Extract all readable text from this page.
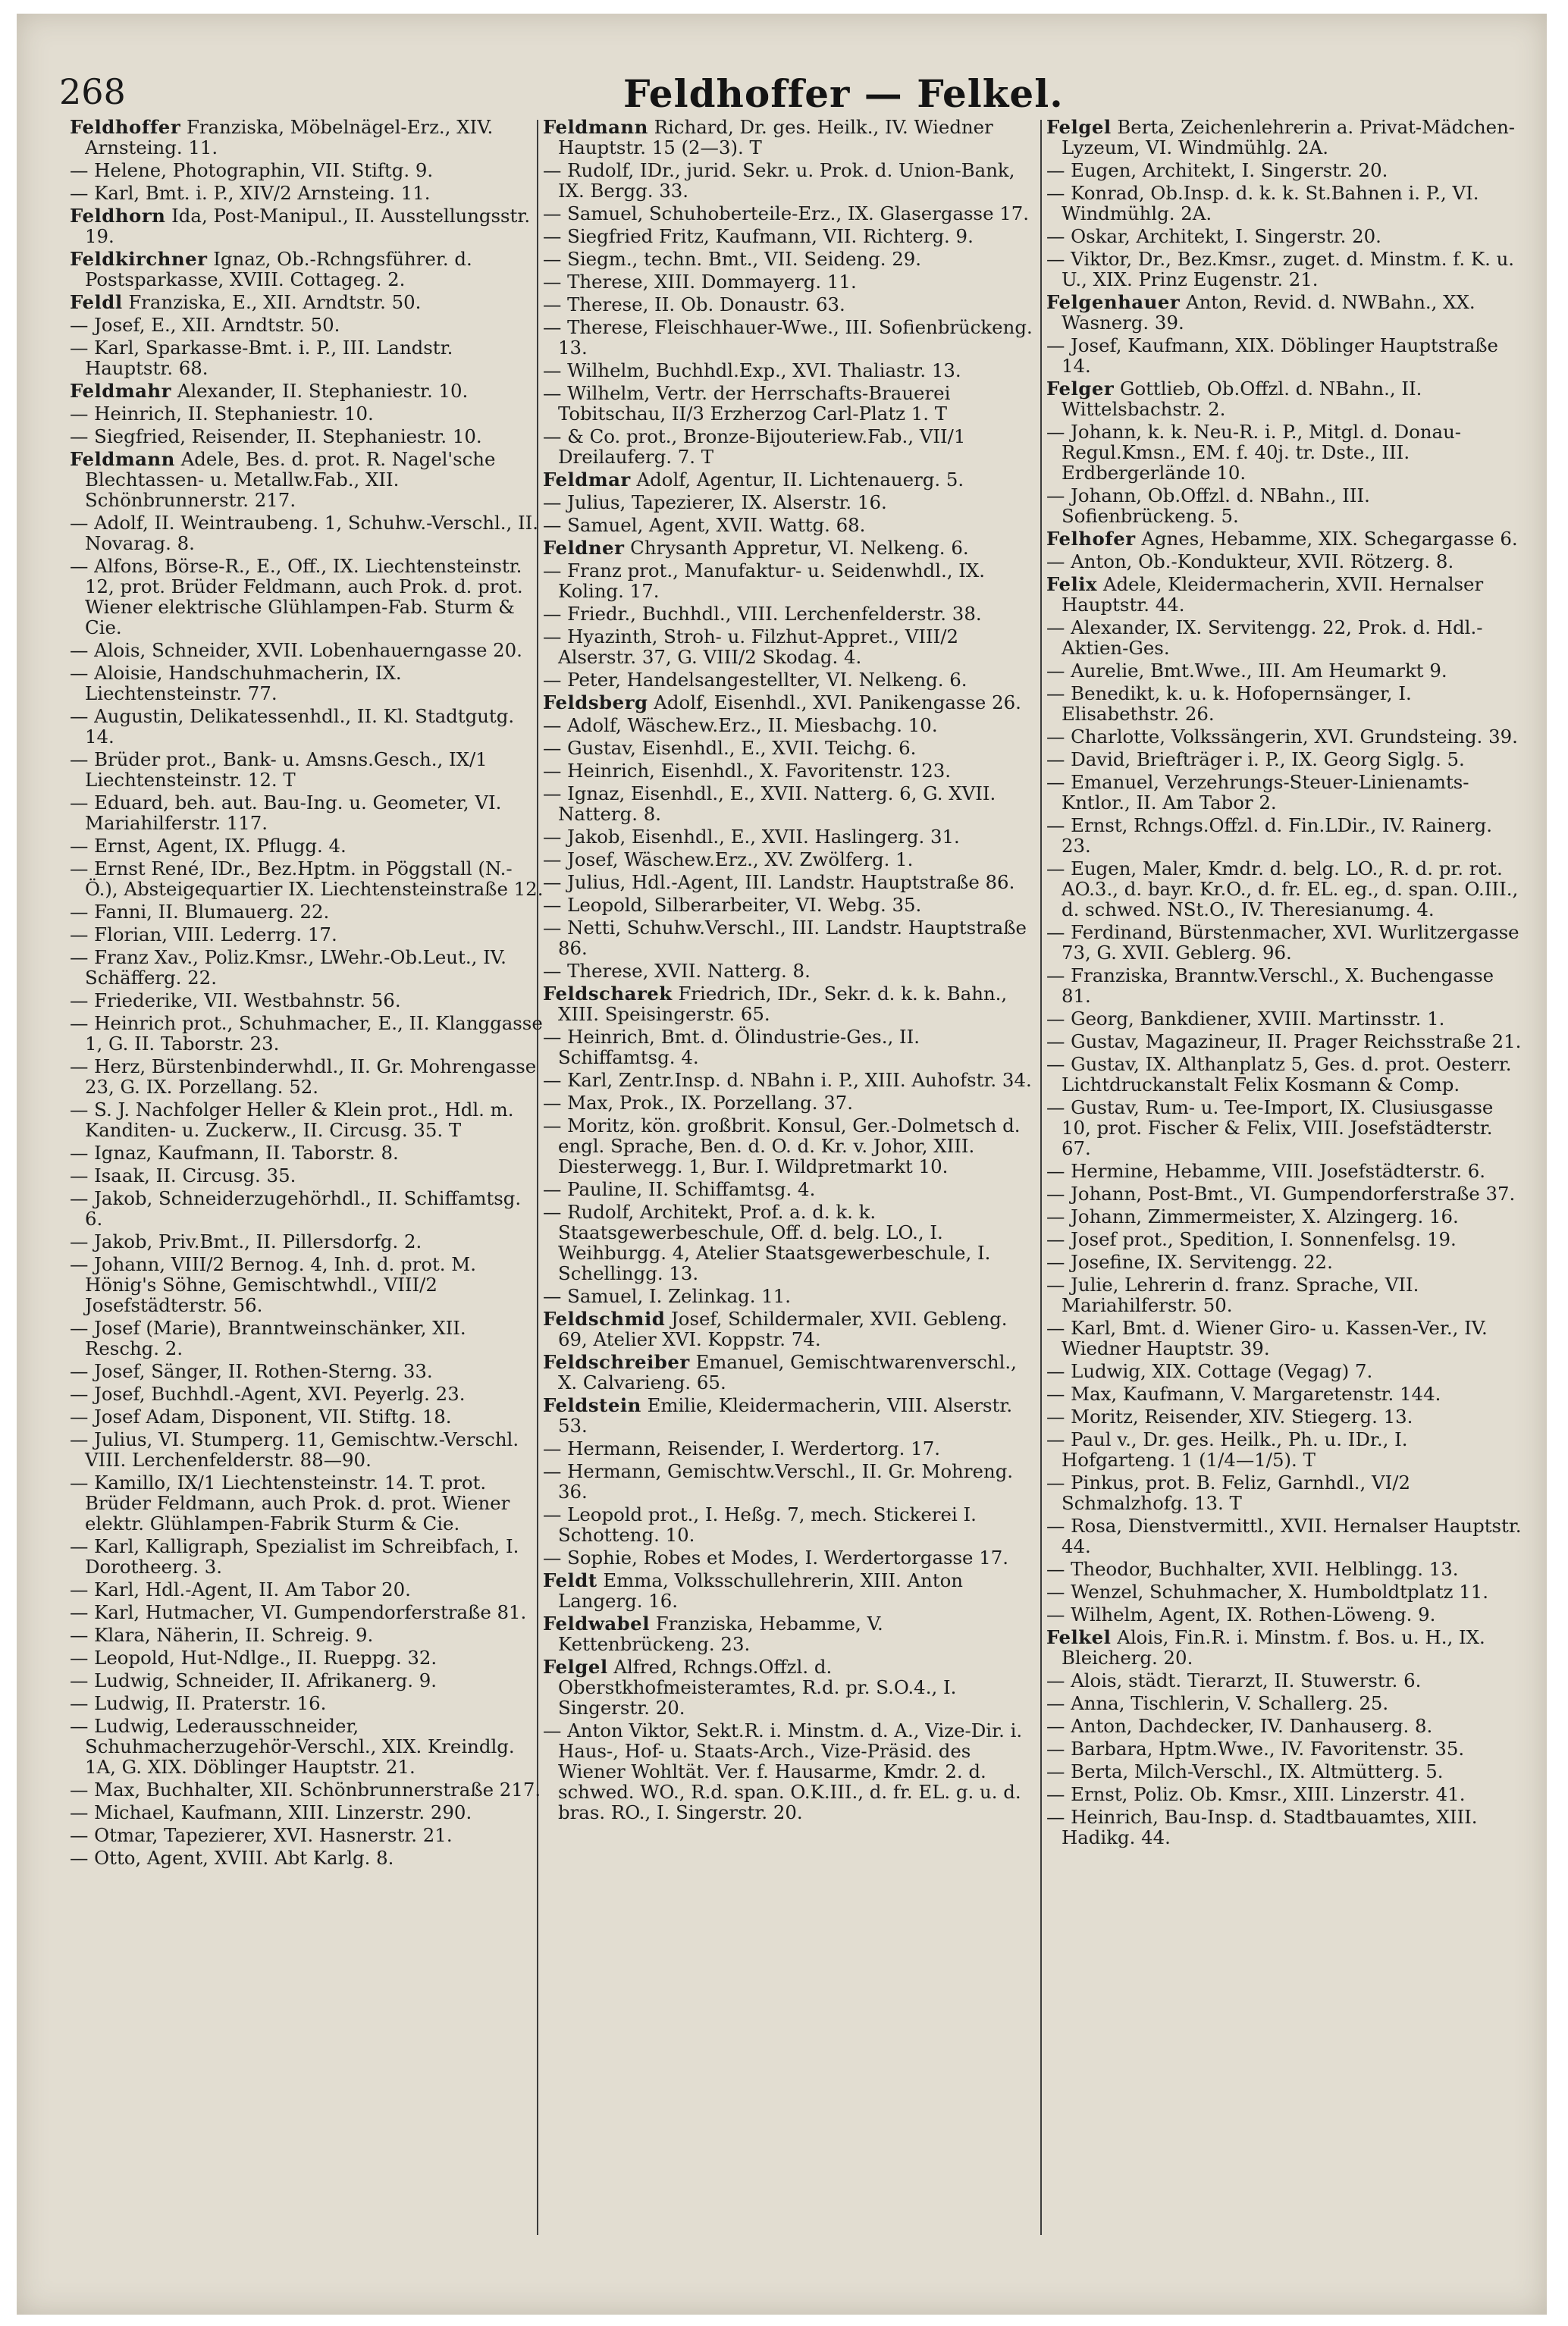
268	Feldhoffer — Felkel.
Feldhoffer Franziska, Möbelnägel-Erz., XIV. Arnsteing. 11.
— Helene, Photographin, VII. Stiftg. 9.
— Karl, Bmt. i. P., XIV/2 Arnsteing. 11.
Feldhorn Ida, Post-Manipul., II. Ausstellungsstr. 19.
Feldkirchner Ignaz, Ob.-Rchngsführer. d. Postsparkasse, XVIII. Cottageg. 2.
Feldl Franziska, E., XII. Arndtstr. 50.
— Josef, E., XII. Arndtstr. 50.
— Karl, Sparkasse-Bmt. i. P., III. Landstr. Hauptstr. 68.
Feldmahr Alexander, II. Stephaniestr. 10.
— Heinrich, II. Stephaniestr. 10.
— Siegfried, Reisender, II. Stephaniestr. 10.
Feldmann Adele, Bes. d. prot. R. Nagel'sche Blechtassen- u. Metallw.Fab., XII. Schönbrunnerstr. 217.
— Adolf, II. Weintraubeng. 1, Schuhw.-Verschl., II. Novarag. 8.
— Alfons, Börse-R., E., Off., IX. Liechtensteinstr. 12, prot. Brüder Feldmann, auch Prok. d. prot. Wiener elektrische Glühlampen-Fab. Sturm & Cie.
— Alois, Schneider, XVII. Lobenhauerngasse 20.
— Aloisie, Handschuhmacherin, IX. Liechtensteinstr. 77.
— Augustin, Delikatessenhdl., II. Kl. Stadtgutg. 14.
— Brüder prot., Bank- u. Amsns.Gesch., IX/1 Liechtensteinstr. 12. T
— Eduard, beh. aut. Bau-Ing. u. Geometer, VI. Mariahilferstr. 117.
— Ernst, Agent, IX. Pflugg. 4.
— Ernst René, IDr., Bez.Hptm. in Pöggstall (N.-Ö.), Absteigequartier IX. Liechtensteinstraße 12.
— Fanni, II. Blumauerg. 22.
— Florian, VIII. Lederrg. 17.
— Franz Xav., Poliz.Kmsr., LWehr.-Ob.Leut., IV. Schäfferg. 22.
— Friederike, VII. Westbahnstr. 56.
— Heinrich prot., Schuhmacher, E., II. Klanggasse 1, G. II. Taborstr. 23.
— Herz, Bürstenbinderwhdl., II. Gr. Mohrengasse 23, G. IX. Porzellang. 52.
— S. J. Nachfolger Heller & Klein prot., Hdl. m. Kanditen- u. Zuckerw., II. Circusg. 35. T
— Ignaz, Kaufmann, II. Taborstr. 8.
— Isaak, II. Circusg. 35.
— Jakob, Schneiderzugehörhdl., II. Schiffamtsg. 6.
— Jakob, Priv.Bmt., II. Pillersdorfg. 2.
— Johann, VIII/2 Bernog. 4, Inh. d. prot. M. Hönig's Söhne, Gemischtwhdl., VIII/2 Josefstädterstr. 56.
— Josef (Marie), Branntweinschänker, XII. Reschg. 2.
— Josef, Sänger, II. Rothen-Sterng. 33.
— Josef, Buchhdl.-Agent, XVI. Peyerlg. 23.
— Josef Adam, Disponent, VII. Stiftg. 18.
— Julius, VI. Stumperg. 11, Gemischtw.-Verschl. VIII. Lerchenfelderstr. 88—90.
— Kamillo, IX/1 Liechtensteinstr. 14. T. prot. Brüder Feldmann, auch Prok. d. prot. Wiener elektr. Glühlampen-Fabrik Sturm & Cie.
— Karl, Kalligraph, Spezialist im Schreibfach, I. Dorotheerg. 3.
— Karl, Hdl.-Agent, II. Am Tabor 20.
— Karl, Hutmacher, VI. Gumpendorferstraße 81.
— Klara, Näherin, II. Schreig. 9.
— Leopold, Hut-Ndlge., II. Rueppg. 32.
— Ludwig, Schneider, II. Afrikanerg. 9.
— Ludwig, II. Praterstr. 16.
— Ludwig, Lederausschneider, Schuhmacherzugehör-Verschl., XIX. Kreindlg. 1A, G. XIX. Döblinger Hauptstr. 21.
— Max, Buchhalter, XII. Schönbrunnerstraße 217.
— Michael, Kaufmann, XIII. Linzerstr. 290.
— Otmar, Tapezierer, XVI. Hasnerstr. 21.
— Otto, Agent, XVIII. Abt Karlg. 8.
Feldmann Richard, Dr. ges. Heilk., IV. Wiedner Hauptstr. 15 (2—3). T
— Rudolf, IDr., jurid. Sekr. u. Prok. d. Union-Bank, IX. Bergg. 33.
— Samuel, Schuhoberteile-Erz., IX. Glasergasse 17.
— Siegfried Fritz, Kaufmann, VII. Richterg. 9.
— Siegm., techn. Bmt., VII. Seideng. 29.
— Therese, XIII. Dommayerg. 11.
— Therese, II. Ob. Donaustr. 63.
— Therese, Fleischhauer-Wwe., III. Sofienbrückeng. 13.
— Wilhelm, Buchhdl.Exp., XVI. Thaliastr. 13.
— Wilhelm, Vertr. der Herrschafts-Brauerei Tobitschau, II/3 Erzherzog Carl-Platz 1. T
— & Co. prot., Bronze-Bijouteriew.Fab., VII/1 Dreilauferg. 7. T
Feldmar Adolf, Agentur, II. Lichtenauerg. 5.
— Julius, Tapezierer, IX. Alserstr. 16.
— Samuel, Agent, XVII. Wattg. 68.
Feldner Chrysanth Appretur, VI. Nelkeng. 6.
— Franz prot., Manufaktur- u. Seidenwhdl., IX. Koling. 17.
— Friedr., Buchhdl., VIII. Lerchenfelderstr. 38.
— Hyazinth, Stroh- u. Filzhut-Appret., VIII/2 Alserstr. 37, G. VIII/2 Skodag. 4.
— Peter, Handelsangestellter, VI. Nelkeng. 6.
Feldsberg Adolf, Eisenhdl., XVI. Panikengasse 26.
— Adolf, Wäschew.Erz., II. Miesbachg. 10.
— Gustav, Eisenhdl., E., XVII. Teichg. 6.
— Heinrich, Eisenhdl., X. Favoritenstr. 123.
— Ignaz, Eisenhdl., E., XVII. Natterg. 6, G. XVII. Natterg. 8.
— Jakob, Eisenhdl., E., XVII. Haslingerg. 31.
— Josef, Wäschew.Erz., XV. Zwölferg. 1.
— Julius, Hdl.-Agent, III. Landstr. Hauptstraße 86.
— Leopold, Silberarbeiter, VI. Webg. 35.
— Netti, Schuhw.Verschl., III. Landstr. Hauptstraße 86.
— Therese, XVII. Natterg. 8.
Feldscharek Friedrich, IDr., Sekr. d. k. k. Bahn., XIII. Speisingerstr. 65.
— Heinrich, Bmt. d. Ölindustrie-Ges., II. Schiffamtsg. 4.
— Karl, Zentr.Insp. d. NBahn i. P., XIII. Auhofstr. 34.
— Max, Prok., IX. Porzellang. 37.
— Moritz, kön. großbrit. Konsul, Ger.-Dolmetsch d. engl. Sprache, Ben. d. O. d. Kr. v. Johor, XIII. Diesterwegg. 1, Bur. I. Wildpretmarkt 10.
— Pauline, II. Schiffamtsg. 4.
— Rudolf, Architekt, Prof. a. d. k. k. Staatsgewerbeschule, Off. d. belg. LO., I. Weihburgg. 4, Atelier Staatsgewerbeschule, I. Schellingg. 13.
— Samuel, I. Zelinkag. 11.
Feldschmid Josef, Schildermaler, XVII. Gebleng. 69, Atelier XVI. Koppstr. 74.
Feldschreiber Emanuel, Gemischtwarenverschl., X. Calvarieng. 65.
Feldstein Emilie, Kleidermacherin, VIII. Alserstr. 53.
— Hermann, Reisender, I. Werdertorg. 17.
— Hermann, Gemischtw.Verschl., II. Gr. Mohreng. 36.
— Leopold prot., I. Heßg. 7, mech. Stickerei I. Schotteng. 10.
— Sophie, Robes et Modes, I. Werdertorgasse 17.
Feldt Emma, Volksschullehrerin, XIII. Anton Langerg. 16.
Feldwabel Franziska, Hebamme, V. Kettenbrückeng. 23.
Felgel Alfred, Rchngs.Offzl. d. Oberstkhofmeisteramtes, R.d. pr. S.O.4., I. Singerstr. 20.
— Anton Viktor, Sekt.R. i. Minstm. d. A., Vize-Dir. i. Haus-, Hof- u. Staats-Arch., Vize-Präsid. des Wiener Wohltät. Ver. f. Hausarme, Kmdr. 2. d. schwed. WO., R.d. span. O.K.III., d. fr. EL. g. u. d. bras. RO., I. Singerstr. 20.
Felgel Berta, Zeichenlehrerin a. Privat-Mädchen-Lyzeum, VI. Windmühlg. 2A.
— Eugen, Architekt, I. Singerstr. 20.
— Konrad, Ob.Insp. d. k. k. St.Bahnen i. P., VI. Windmühlg. 2A.
— Oskar, Architekt, I. Singerstr. 20.
— Viktor, Dr., Bez.Kmsr., zuget. d. Minstm. f. K. u. U., XIX. Prinz Eugenstr. 21.
Felgenhauer Anton, Revid. d. NWBahn., XX. Wasnerg. 39.
— Josef, Kaufmann, XIX. Döblinger Hauptstraße 14.
Felger Gottlieb, Ob.Offzl. d. NBahn., II. Wittelsbachstr. 2.
— Johann, k. k. Neu-R. i. P., Mitgl. d. Donau-Regul.Kmsn., EM. f. 40j. tr. Dste., III. Erdbergerlände 10.
— Johann, Ob.Offzl. d. NBahn., III. Sofienbrückeng. 5.
Felhofer Agnes, Hebamme, XIX. Schegargasse 6.
— Anton, Ob.-Kondukteur, XVII. Rötzerg. 8.
Felix Adele, Kleidermacherin, XVII. Hernalser Hauptstr. 44.
— Alexander, IX. Servitengg. 22, Prok. d. Hdl.-Aktien-Ges.
— Aurelie, Bmt.Wwe., III. Am Heumarkt 9.
— Benedikt, k. u. k. Hofopernsänger, I. Elisabethstr. 26.
— Charlotte, Volkssängerin, XVI. Grundsteing. 39.
— David, Briefträger i. P., IX. Georg Siglg. 5.
— Emanuel, Verzehrungs-Steuer-Linienamts-Kntlor., II. Am Tabor 2.
— Ernst, Rchngs.Offzl. d. Fin.LDir., IV. Rainerg. 23.
— Eugen, Maler, Kmdr. d. belg. LO., R. d. pr. rot. AO.3., d. bayr. Kr.O., d. fr. EL. eg., d. span. O.III., d. schwed. NSt.O., IV. Theresianumg. 4.
— Ferdinand, Bürstenmacher, XVI. Wurlitzergasse 73, G. XVII. Geblerg. 96.
— Franziska, Branntw.Verschl., X. Buchengasse 81.
— Georg, Bankdiener, XVIII. Martinsstr. 1.
— Gustav, Magazineur, II. Prager Reichsstraße 21.
— Gustav, IX. Althanplatz 5, Ges. d. prot. Oesterr. Lichtdruckanstalt Felix Kosmann & Comp.
— Gustav, Rum- u. Tee-Import, IX. Clusiusgasse 10, prot. Fischer & Felix, VIII. Josefstädterstr. 67.
— Hermine, Hebamme, VIII. Josefstädterstr. 6.
— Johann, Post-Bmt., VI. Gumpendorferstraße 37.
— Johann, Zimmermeister, X. Alzingerg. 16.
— Josef prot., Spedition, I. Sonnenfelsg. 19.
— Josefine, IX. Servitengg. 22.
— Julie, Lehrerin d. franz. Sprache, VII. Mariahilferstr. 50.
— Karl, Bmt. d. Wiener Giro- u. Kassen-Ver., IV. Wiedner Hauptstr. 39.
— Ludwig, XIX. Cottage (Vegag) 7.
— Max, Kaufmann, V. Margaretenstr. 144.
— Moritz, Reisender, XIV. Stiegerg. 13.
— Paul v., Dr. ges. Heilk., Ph. u. IDr., I. Hofgarteng. 1 (1/4—1/5). T
— Pinkus, prot. B. Feliz, Garnhdl., VI/2 Schmalzhofg. 13. T
— Rosa, Dienstvermittl., XVII. Hernalser Hauptstr. 44.
— Theodor, Buchhalter, XVII. Helblingg. 13.
— Wenzel, Schuhmacher, X. Humboldtplatz 11.
— Wilhelm, Agent, IX. Rothen-Löweng. 9.
Felkel Alois, Fin.R. i. Minstm. f. Bos. u. H., IX. Bleicherg. 20.
— Alois, städt. Tierarzt, II. Stuwerstr. 6.
— Anna, Tischlerin, V. Schallerg. 25.
— Anton, Dachdecker, IV. Danhauserg. 8.
— Barbara, Hptm.Wwe., IV. Favoritenstr. 35.
— Berta, Milch-Verschl., IX. Altmütterg. 5.
— Ernst, Poliz. Ob. Kmsr., XIII. Linzerstr. 41.
— Heinrich, Bau-Insp. d. Stadtbauamtes, XIII. Hadikg. 44.
